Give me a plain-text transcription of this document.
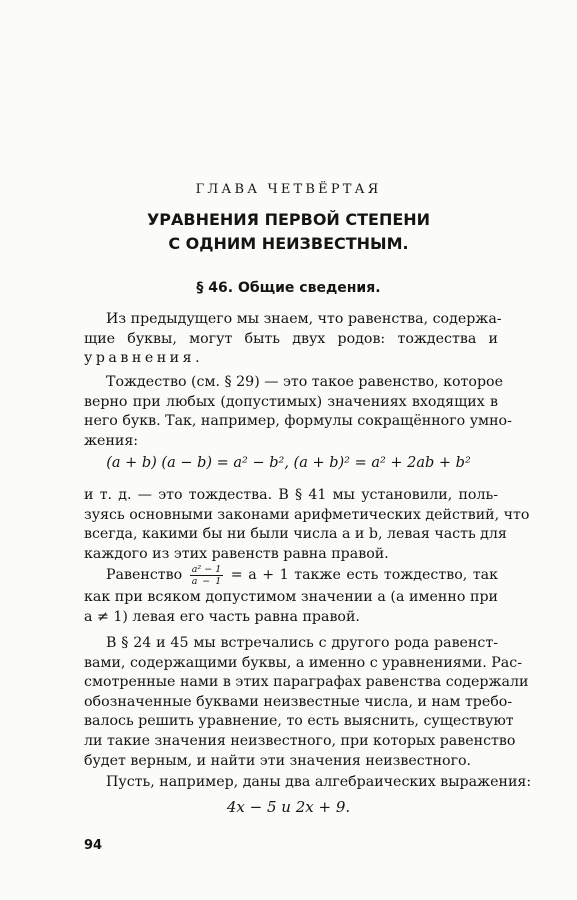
ГЛАВА ЧЕТВЁРТАЯ
УРАВНЕНИЯ ПЕРВОЙ СТЕПЕНИ
С ОДНИМ НЕИЗВЕСТНЫМ.
§ 46. Общие сведения.
Из предыдущего мы знаем, что равенства, содержа-
щие буквы, могут быть двух родов: тождества и
уравнения.
Тождество (см. § 29) — это такое равенство, которое
верно при любых (допустимых) значениях входящих в
него букв. Так, например, формулы сокращённого умно-
жения:
(a + b) (a − b) = a² − b², (a + b)² = a² + 2ab + b²
и т. д. — это тождества. В § 41 мы установили, поль-
зуясь основными законами арифметических действий, что
всегда, какими бы ни были числа a и b, левая часть для
каждого из этих равенств равна правой.
Равенство $\frac{\text{a² − 1}}{a - 1} = a + 1$ также есть тождество, так
как при всяком допустимом значении a (a именно при
a ≠ 1) левая его часть равна правой.
В § 24 и 45 мы встречались с другого рода равенст-
вами, содержащими буквы, а именно с уравнениями. Рас-
смотренные нами в этих параграфах равенства содержали
обозначенные буквами неизвестные числа, и нам требо-
валось решить уравнение, то есть выяснить, существуют
ли такие значения неизвестного, при которых равенство
будет верным, и найти эти значения неизвестного.
Пусть, например, даны два алгебраических выражения:
4x − 5 и 2x + 9.
94
